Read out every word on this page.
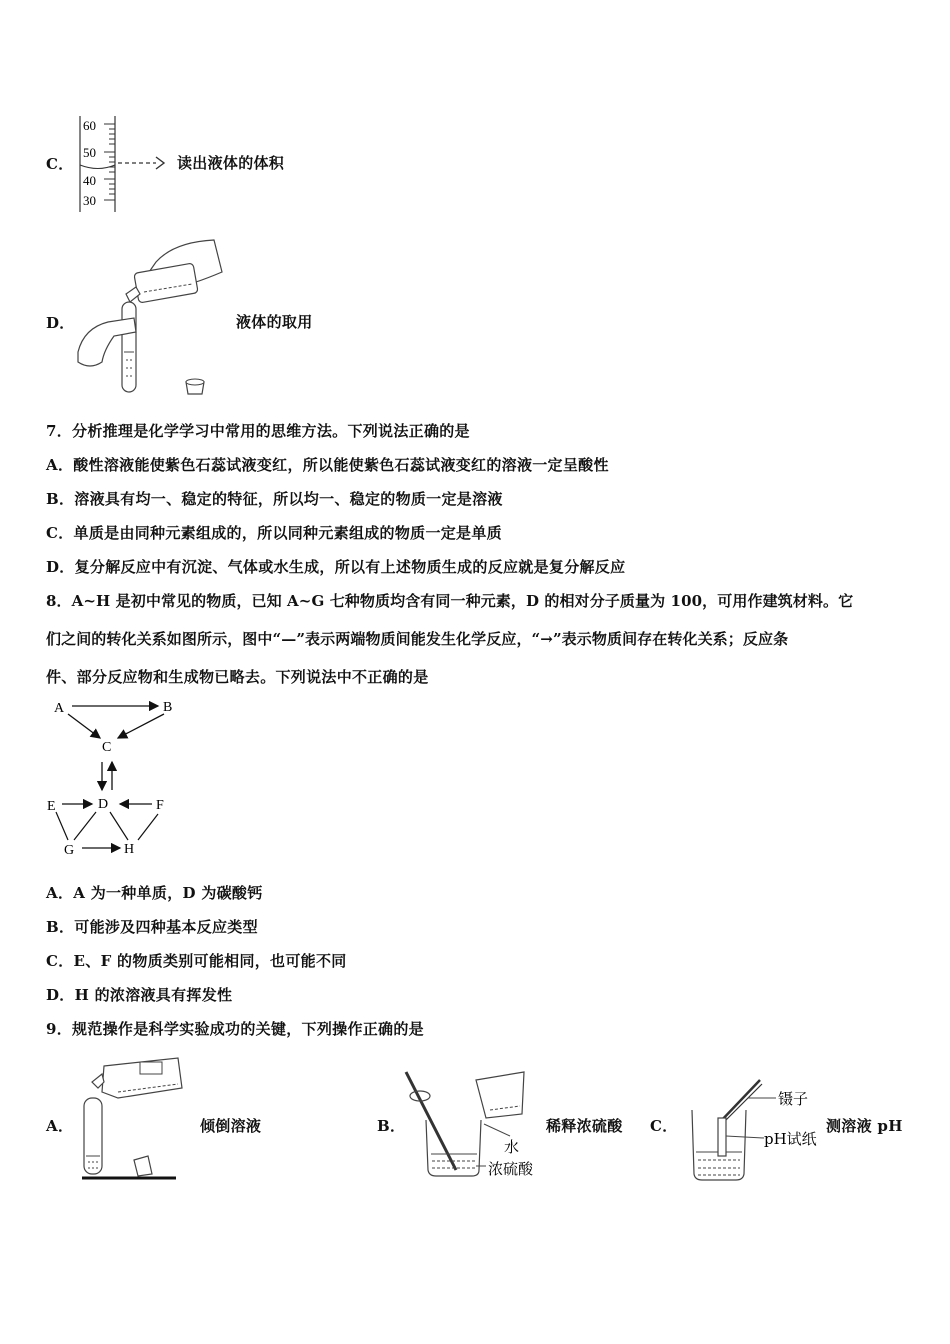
C．
60
50
40
30
读出液体的体积
D．	液体的取用
7．分析推理是化学学习中常用的思维方法。下列说法正确的是
A．酸性溶液能使紫色石蕊试液变红，所以能使紫色石蕊试液变红的溶液一定呈酸性
B．溶液具有均一、稳定的特征，所以均一、稳定的物质一定是溶液
C．单质是由同种元素组成的，所以同种元素组成的物质一定是单质
D．复分解反应中有沉淀、气体或水生成，所以有上述物质生成的反应就是复分解反应
8．A~H 是初中常见的物质，已知 A~G 七种物质均含有同一种元素，D 的相对分子质量为 100，可用作建筑材料。它
们之间的转化关系如图所示，图中“—”表示两端物质间能发生化学反应，“→”表示物质间存在转化关系；反应条
件、部分反应物和生成物已略去。下列说法中不正确的是
A	B
C
D
E	F
G	H
A．A 为一种单质，D 为碳酸钙
B．可能涉及四种基本反应类型
C．E、F 的物质类别可能相同，也可能不同
D．H 的浓溶液具有挥发性
9．规范操作是科学实验成功的关键，下列操作正确的是
A．	倾倒溶液	B．
水
浓硫酸
稀释浓硫酸 C．
镊子
pH试纸
测溶液 pH
